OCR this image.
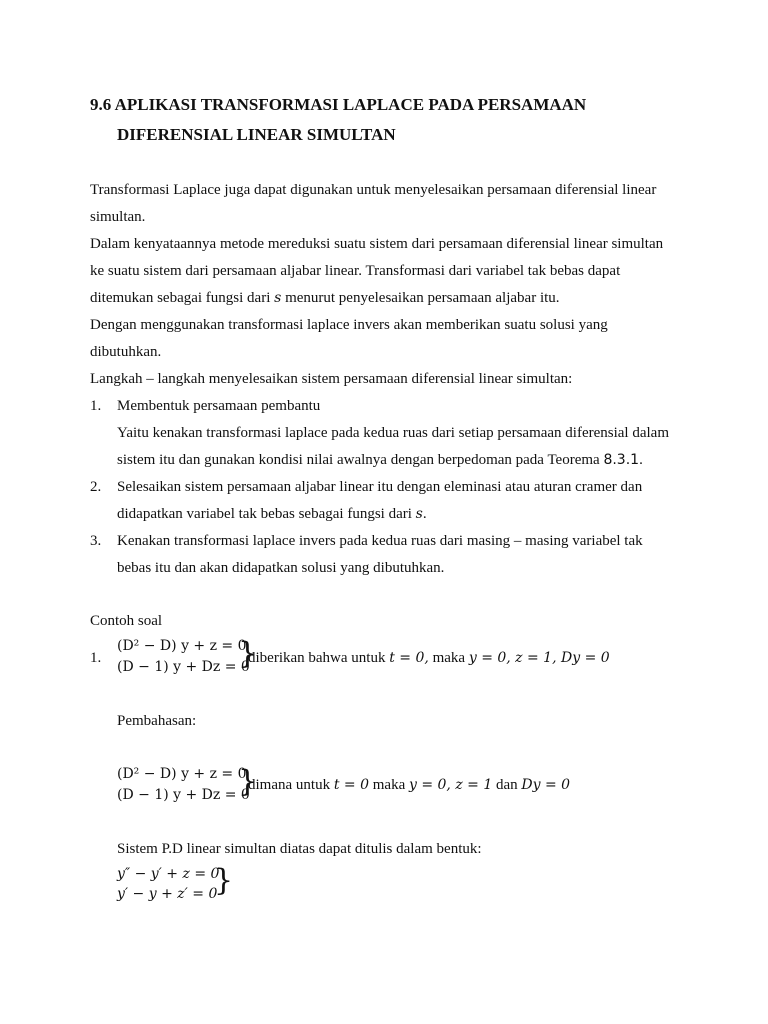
9.6 APLIKASI TRANSFORMASI LAPLACE PADA PERSAMAAN
DIFERENSIAL LINEAR SIMULTAN
Transformasi Laplace juga dapat digunakan untuk menyelesaikan persamaan diferensial linear
simultan.
Dalam kenyataannya metode mereduksi suatu sistem dari persamaan diferensial linear simultan
ke suatu sistem dari persamaan aljabar linear. Transformasi dari variabel tak bebas dapat
ditemukan sebagai fungsi dari s menurut penyelesaikan persamaan aljabar itu.
Dengan menggunakan transformasi laplace invers akan memberikan suatu solusi yang
dibutuhkan.
Langkah – langkah menyelesaikan sistem persamaan diferensial linear simultan:
1. Membentuk persamaan pembantu
Yaitu kenakan transformasi laplace pada kedua ruas dari setiap persamaan diferensial dalam
sistem itu dan gunakan kondisi nilai awalnya dengan berpedoman pada Teorema 8.3.1.
2. Selesaikan sistem persamaan aljabar linear itu dengan eleminasi atau aturan cramer dan
didapatkan variabel tak bebas sebagai fungsi dari s.
3. Kenakan transformasi laplace invers pada kedua ruas dari masing – masing variabel tak
bebas itu dan akan didapatkan solusi yang dibutuhkan.
Contoh soal
1.
(D² − D) y + z = 0
(D − 1) y + Dz = 0
}
diberikan bahwa untuk t = 0, maka y = 0, z = 1, Dy = 0
Pembahasan:
(D² − D) y + z = 0
(D − 1) y + Dz = 0
}
dimana untuk t = 0 maka y = 0, z = 1 dan Dy = 0
Sistem P.D linear simultan diatas dapat ditulis dalam bentuk:
y″ − y′ + z = 0
y′ − y + z′ = 0
}
